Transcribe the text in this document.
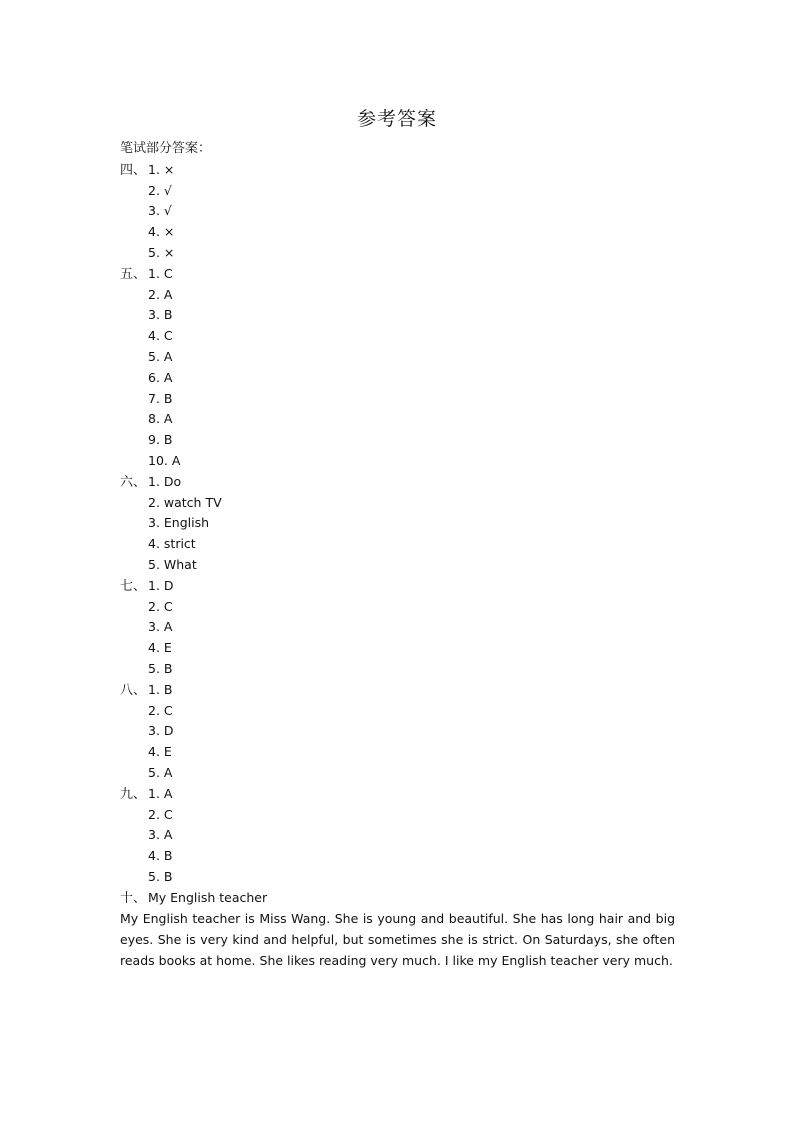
参考答案
笔试部分答案：
四、 1. ×
2. √
3. √
4. ×
5. ×
五、 1. C
2. A
3. B
4. C
5. A
6. A
7. B
8. A
9. B
10. A
六、 1. Do
2. watch TV
3. English
4. strict
5. What
七、 1. D
2. C
3. A
4. E
5. B
八、 1. B
2. C
3. D
4. E
5. A
九、 1. A
2. C
3. A
4. B
5. B
十、 My English teacher
My English teacher is Miss Wang. She is young and beautiful. She has long hair and big eyes. She is very kind and helpful, but sometimes she is strict. On Saturdays, she often reads books at home. She likes reading very much. I like my English teacher very much.
